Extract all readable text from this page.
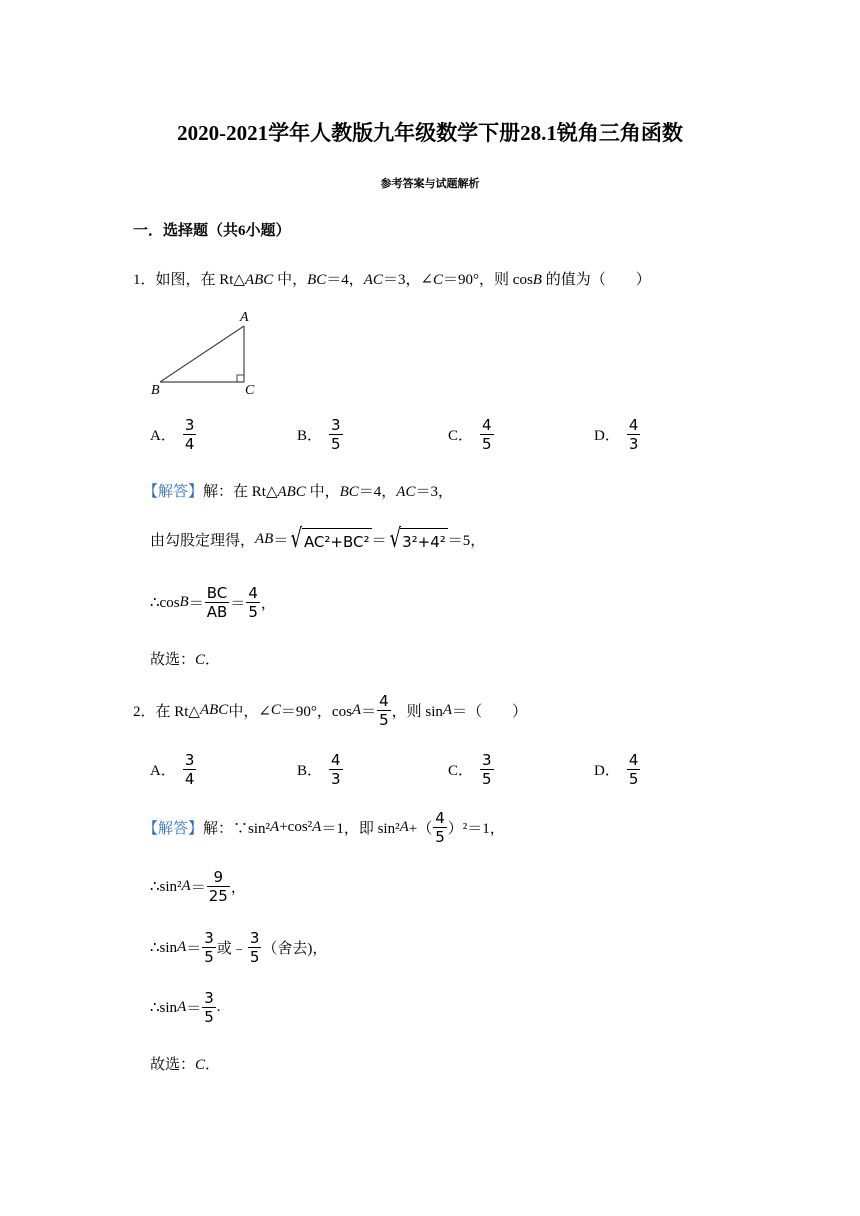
2020-2021学年人教版九年级数学下册28.1锐角三角函数
参考答案与试题解析
一．选择题（共6小题）
1．如图，在 Rt△ABC 中，BC＝4，AC＝3，∠C＝90°，则 cosB 的值为（　　）
A
B	C
A． $\frac{3}{4}$	B． $\frac{3}{5}$	C． $\frac{4}{5}$	D． $\frac{4}{3}$
【解答】解：在 Rt△ABC 中，BC＝4，AC＝3，
由勾股定理得， AB ＝ √ AC²+BC² ＝ √ 3²+4² ＝5，
∴cos $B = \frac{BC}{AB} = \frac{4}{5}$ ，
故选：C．
2．在 Rt△ ABC 中，∠ C ＝90°，$\cos A = \frac{4}{5}$ ，则 sin A ＝（　　）
A． $\frac{3}{4}$	B． $\frac{4}{3}$	C． $\frac{3}{5}$	D． $\frac{4}{5}$
【解答】 解：∵sin² A +cos² A ＝1，即 sin² A +（ $\frac{4}{5} )^2=1$，
∴sin² $A = \frac{9}{25}$ ，
∴sin $A = \frac{3}{5}$ 或﹣ $\frac{3}{5}$ （舍去)，
∴sin $A = \frac{3}{5}$ .
故选：C．
